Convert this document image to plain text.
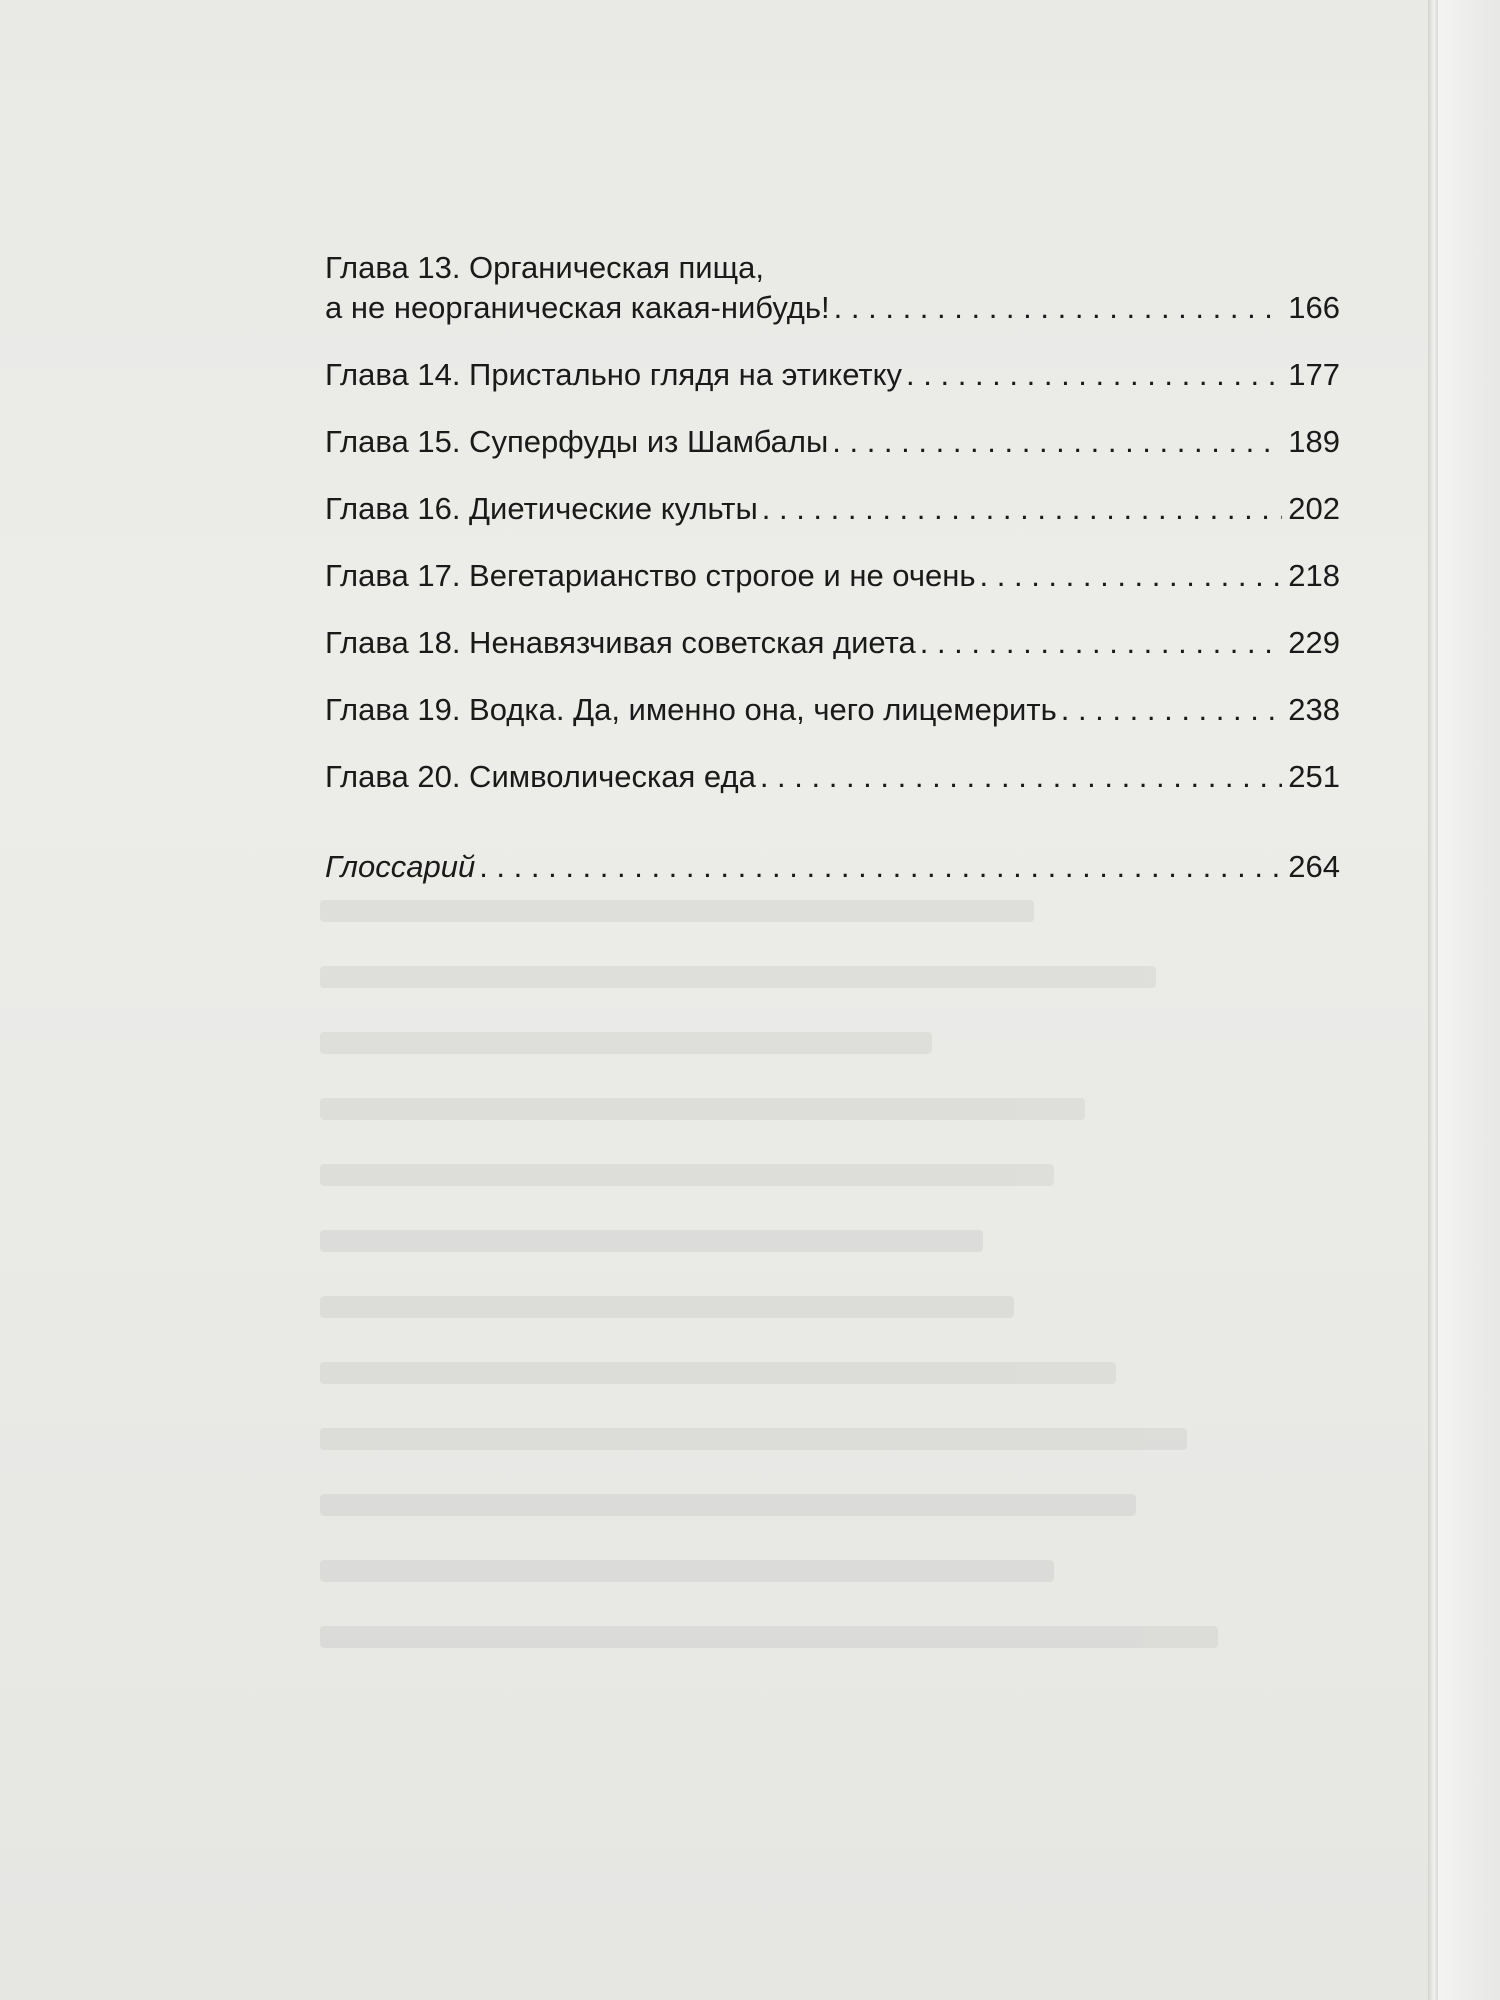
Глава 13. Органическая пища,
а не неорганическая какая-нибудь! . . .	166
Глава 14. Пристально глядя на этикетку . . .	177
Глава 15. Суперфуды из Шамбалы . . .	189
Глава 16. Диетические культы . . .	202
Глава 17. Вегетарианство строгое и не очень . . .	218
Глава 18. Ненавязчивая советская диета . . .	229
Глава 19. Водка. Да, именно она, чего лицемерить . . .	238
Глава 20. Символическая еда . . .	251
Глоссарий . . .	264
